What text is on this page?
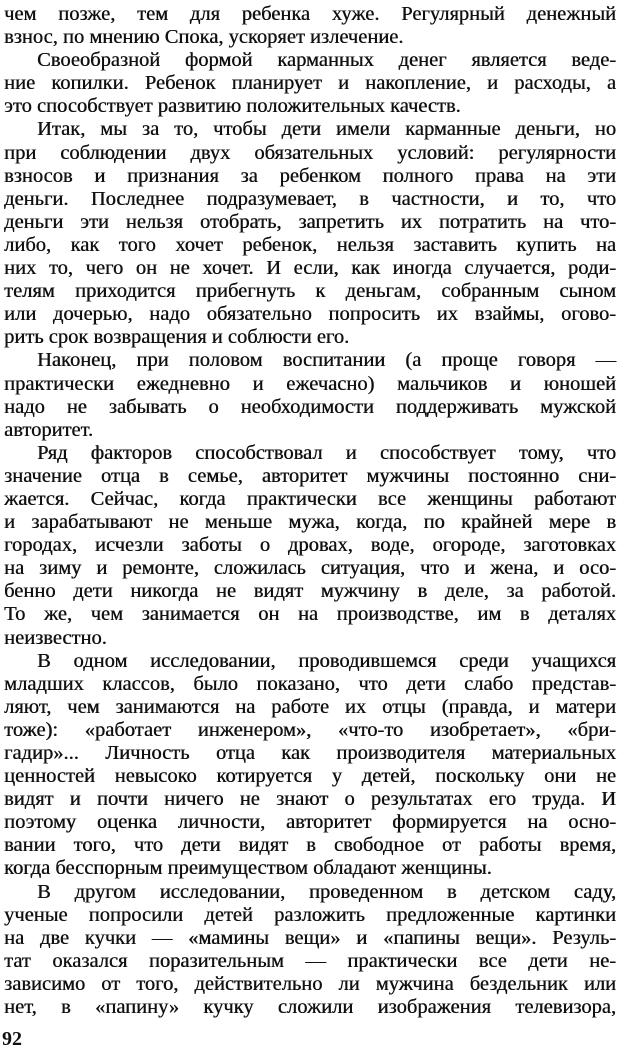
чем позже, тем для ребенка хуже. Регулярный денежный
взнос, по мнению Спока, ускоряет излечение.
Своеобразной формой карманных денег является веде-
ние копилки. Ребенок планирует и накопление, и расходы, а
это способствует развитию положительных качеств.
Итак, мы за то, чтобы дети имели карманные деньги, но
при соблюдении двух обязательных условий: регулярности
взносов и признания за ребенком полного права на эти
деньги. Последнее подразумевает, в частности, и то, что
деньги эти нельзя отобрать, запретить их потратить на что-
либо, как того хочет ребенок, нельзя заставить купить на
них то, чего он не хочет. И если, как иногда случается, роди-
телям приходится прибегнуть к деньгам, собранным сыном
или дочерью, надо обязательно попросить их взаймы, огово-
рить срок возвращения и соблюсти его.
Наконец, при половом воспитании (а проще говоря —
практически ежедневно и ежечасно) мальчиков и юношей
надо не забывать о необходимости поддерживать мужской
авторитет.
Ряд факторов способствовал и способствует тому, что
значение отца в семье, авторитет мужчины постоянно сни-
жается. Сейчас, когда практически все женщины работают
и зарабатывают не меньше мужа, когда, по крайней мере в
городах, исчезли заботы о дровах, воде, огороде, заготовках
на зиму и ремонте, сложилась ситуация, что и жена, и осо-
бенно дети никогда не видят мужчину в деле, за работой.
То же, чем занимается он на производстве, им в деталях
неизвестно.
В одном исследовании, проводившемся среди учащихся
младших классов, было показано, что дети слабо представ-
ляют, чем занимаются на работе их отцы (правда, и матери
тоже): «работает инженером», «что-то изобретает», «бри-
гадир»... Личность отца как производителя материальных
ценностей невысоко котируется у детей, поскольку они не
видят и почти ничего не знают о результатах его труда. И
поэтому оценка личности, авторитет формируется на осно-
вании того, что дети видят в свободное от работы время,
когда бесспорным преимуществом обладают женщины.
В другом исследовании, проведенном в детском саду,
ученые попросили детей разложить предложенные картинки
на две кучки — «мамины вещи» и «папины вещи». Резуль-
тат оказался поразительным — практически все дети не-
зависимо от того, действительно ли мужчина бездельник или
нет, в «папину» кучку сложили изображения телевизора,
92
